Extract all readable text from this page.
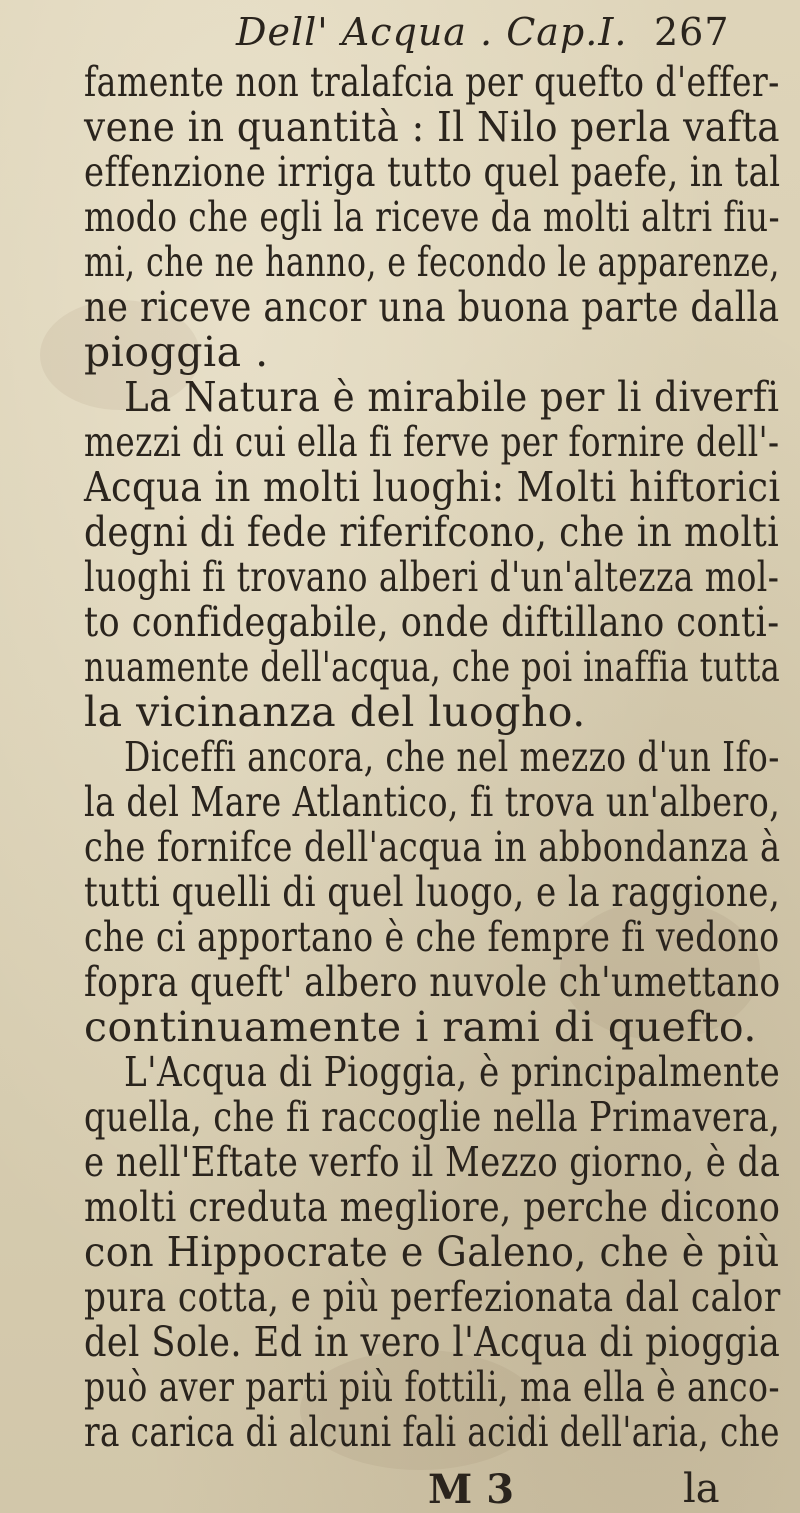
Dell' Acqua . Cap.I. 267
famente non tralafcia per quefto d'effer-
vene in quantità : Il Nilo perla vafta
effenzione irriga tutto quel paefe, in tal
modo che egli la riceve da molti altri fiu-
mi, che ne hanno, e fecondo le apparenze,
ne riceve ancor una buona parte dalla
pioggia .
La Natura è mirabile per li diverfi
mezzi di cui ella fi ferve per fornire dell'-
Acqua in molti luoghi: Molti hiftorici
degni di fede riferifcono, che in molti
luoghi fi trovano alberi d'un'altezza mol-
to confidegabile, onde diftillano conti-
nuamente dell'acqua, che poi inaffia tutta
la vicinanza del luogho.
Diceffi ancora, che nel mezzo d'un Ifo-
la del Mare Atlantico, fi trova un'albero,
che fornifce dell'acqua in abbondanza à
tutti quelli di quel luogo, e la raggione,
che ci apportano è che fempre fi vedono
fopra queft' albero nuvole ch'umettano
continuamente i rami di quefto.
L'Acqua di Pioggia, è principalmente
quella, che fi raccoglie nella Primavera,
e nell'Eftate verfo il Mezzo giorno, è da
molti creduta megliore, perche dicono
con Hippocrate e Galeno, che è più
pura cotta, e più perfezionata dal calor
del Sole. Ed in vero l'Acqua di pioggia
può aver parti più fottili, ma ella è anco-
ra carica di alcuni fali acidi dell'aria, che
M 3	la
